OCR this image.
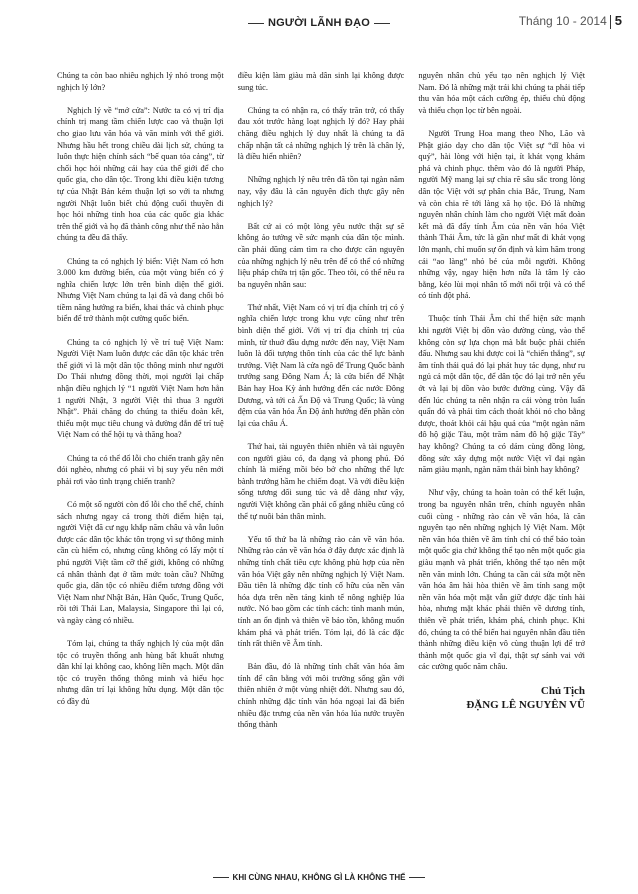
NGƯỜI LÃNH ĐẠO	Tháng 10 - 2014 5

Chúng ta còn bao nhiêu nghịch lý nhỏ trong một nghịch lý lớn?

Nghịch lý về “mở cửa”: Nước ta có vị trí địa chính trị mang tầm chiến lược cao và thuận lợi cho giao lưu văn hóa và văn minh với thế giới. Nhưng hầu hết trong chiều dài lịch sử, chúng ta luôn thực hiện chính sách “bế quan tỏa cảng”, từ chối học hỏi những cái hay của thế giới để cho quốc gia, cho dân tộc. Trong khi điều kiện tương tự của Nhật Bản kém thuận lợi so với ta nhưng người Nhật luôn biết chủ động cuối thuyền đi học hỏi những tinh hoa của các quốc gia khác trên thế giới và họ đã thành công như thế nào hẳn chúng ta đều đã thấy.

Chúng ta có nghịch lý biển: Việt Nam có hơn 3.000 km đường biển, của một vùng biển có ý nghĩa chiến lược lớn trên bình diện thế giới. Nhưng Việt Nam chúng ta lại đã và đang chối bỏ tiềm năng hướng ra biển, khai thác và chinh phục biển để trở thành một cường quốc biển.

Chúng ta có nghịch lý về trí tuệ Việt Nam: Người Việt Nam luôn được các dân tộc khác trên thế giới vì là một dân tộc thông minh như người Do Thái nhưng đồng thời, mọi người lại chấp nhận điều nghịch lý “1 người Việt Nam hơn hẳn 1 người Nhật, 3 người Việt thì thua 3 người Nhật”. Phải chăng do chúng ta thiếu đoàn kết, thiếu một mục tiêu chung và đường đắn để trí tuệ Việt Nam có thể hội tụ và thăng hoa?

Chúng ta có thể đổ lỗi cho chiến tranh gây nên đói nghèo, nhưng có phải vì bị suy yếu nên mới phải rơi vào tình trạng chiến tranh?

Có một số người còn đổ lỗi cho thể chế, chính sách nhưng ngay cả trong thời điểm hiện tại, người Việt đã cư ngụ khắp năm châu và vẫn luôn được các dân tộc khác tôn trọng vì sự thông minh cần cù hiếm có, nhưng cũng không có lấy một tí phú người Việt tầm cỡ thế giới, không có những cá nhân thành đạt ở tầm mức toàn cầu? Những quốc gia, dân tộc có nhiều điểm tương đồng với Việt Nam như Nhật Bản, Hàn Quốc, Trung Quốc, rồi tới Thái Lan, Malaysia, Singapore thì lại có, và ngày càng có nhiều.

Tóm lại, chúng ta thấy nghịch lý của một dân tộc có truyền thống anh hùng bất khuất nhưng dân khí lại không cao, không liền mạch. Một dân tộc có truyền thống thông minh và hiếu học nhưng dân trí lại không hữu dụng. Một dân tộc có đầy đủ

điều kiện làm giàu mà dân sinh lại không được sung túc.

Chúng ta có nhận ra, có thấy trăn trở, có thấy đau xót trước hàng loạt nghịch lý đó? Hay phải chăng điều nghịch lý duy nhất là chúng ta đã chấp nhận tất cả những nghịch lý trên là chân lý, là điều hiển nhiên?

Những nghịch lý nêu trên đã tồn tại ngàn năm nay, vậy đâu là căn nguyên đích thực gây nên nghịch lý?

Bất cứ ai có một lòng yêu nước thật sự sẽ không ảo tưởng về sức mạnh của dân tộc mình. cần phải dũng cảm tìm ra cho được căn nguyên của những nghịch lý nêu trên để có thể có những liệu pháp chữa trị tận gốc. Theo tôi, có thể nêu ra ba nguyên nhân sau:

Thứ nhất, Việt Nam có vị trí địa chính trị có ý nghĩa chiến lược trong khu vực cũng như trên bình diện thế giới. Với vị trí địa chính trị của mình, từ thuở đầu dựng nước đến nay, Việt Nam luôn là đối tượng thôn tính của các thế lực bành trướng. Việt Nam là cửa ngõ để Trung Quốc bành trướng sang Đông Nam Á; là cửa biển để Nhật Bản hay Hoa Kỳ ảnh hưởng đến các nước Đông Dương, và tới cả Ấn Độ và Trung Quốc; là vùng đệm của văn hóa Ấn Độ ảnh hưởng đến phần còn lại của châu Á.

Thứ hai, tài nguyên thiên nhiên và tài nguyên con người giàu có, đa dạng và phong phú. Đó chính là miếng mồi béo bở cho những thế lực bành trướng hầm he chiếm đoạt. Và với điều kiện sống tương đối sung túc và dễ dàng như vậy, người Việt không cần phải cố gắng nhiều cũng có thể tự nuôi bản thân mình.

Yếu tố thứ ba là những rào cản về văn hóa. Những rào cản về văn hóa ở đây được xác định là những tính chất tiêu cực không phù hợp của nền văn hóa Việt gây nên những nghịch lý Việt Nam. Đầu tiên là những đặc tính cố hữu của nền văn hóa dựa trên nền tảng kinh tế nông nghiệp lúa nước. Nó bao gồm các tính cách: tình manh mún, tính an ổn định và thiên về bảo tồn, không muốn khám phá và phát triển. Tóm lại, đó là các đặc tính rất thiên về Âm tính.

Bản đầu, đó là những tính chất văn hóa âm tính để cân bằng với môi trường sống gần với thiên nhiên ở một vùng nhiệt đới. Nhưng sau đó, chính những đặc tính văn hóa ngoại lai đã biến nhiều đặc trưng của nền văn hóa lúa nước truyền thống thành

nguyên nhân chủ yếu tạo nên nghịch lý Việt Nam. Đó là những mặt trái khi chúng ta phải tiếp thu văn hóa một cách cưỡng ép, thiếu chủ động và thiếu chọn lọc từ bên ngoài.

Người Trung Hoa mang theo Nho, Lão và Phật giáo dạy cho dân tộc Việt sự “dĩ hòa vi quý”, hài lòng với hiện tại, ít khát vọng khám phá và chinh phục. thêm vào đó là người Pháp, người Mỹ mang lại sự chia rẽ sâu sắc trong lòng dân tộc Việt với sự phân chia Bắc, Trung, Nam và còn chia rẽ tới làng xã họ tộc. Đó là những nguyên nhân chính làm cho người Việt mất đoàn kết mà đã đẩy tính Âm của nền văn hóa Việt thành Thái Âm, tức là gần như mất đi khát vọng lớn mạnh, chỉ muốn sự ổn định và kìm hãm trong cái “ao làng” nhỏ bé của mỗi người. Không những vậy, ngay hiện hơn nữa là tâm lý cào bằng, kéo lùi mọi nhân tố mới nổi trội và có thể có tính đột phá.

Thuộc tính Thái Âm chỉ thể hiện sức mạnh khi người Việt bị dồn vào đường cùng, vào thế không còn sự lựa chọn mà bắt buộc phải chiến đấu. Nhưng sau khi được coi là “chiến thắng”, sự âm tính thái quá đó lại phát huy tác dụng, như ru ngủ cả một dân tộc, để dân tộc đó lại trở nên yếu ớt và lại bị dồn vào bước đường cùng. Vậy đã đến lúc chúng ta nên nhận ra cái vòng tròn luẩn quẩn đó và phải tìm cách thoát khỏi nó cho bằng được, thoát khỏi cái hậu quả của “một ngàn năm đô hộ giặc Tàu, một trăm năm đô hộ giặc Tây” hay không? Chúng ta có dám cùng đồng lòng, đồng sức xây dựng một nước Việt vĩ đại ngàn năm giàu mạnh, ngàn năm thái bình hay không?

Như vậy, chúng ta hoàn toàn có thể kết luận, trong ba nguyên nhân trên, chính nguyên nhân cuối cùng - những rào cản về văn hóa, là căn nguyên tạo nên những nghịch lý Việt Nam. Một nền văn hóa thiên về âm tính chỉ có thể bảo toàn một quốc gia chứ không thể tạo nên một quốc gia giàu mạnh và phát triển, không thể tạo nên một nền văn minh lớn. Chúng ta cần cải sửa một nền văn hóa âm hài hòa thiên về âm tính sang một nền văn hóa một mặt vẫn giữ được đặc tính hài hòa, nhưng mặt khác phải thiên về dương tính, thiên về phát triển, khám phá, chinh phục. Khi đó, chúng ta có thể biến hai nguyên nhân đầu tiên thành những điều kiện vô cùng thuận lợi để trở thành một quốc gia vĩ đại, thật sự sánh vai với các cường quốc năm châu.

Chủ Tịch
ĐẶNG LÊ NGUYÊN VŨ
KHI CÙNG NHAU, KHÔNG GÌ LÀ KHÔNG THỂ
